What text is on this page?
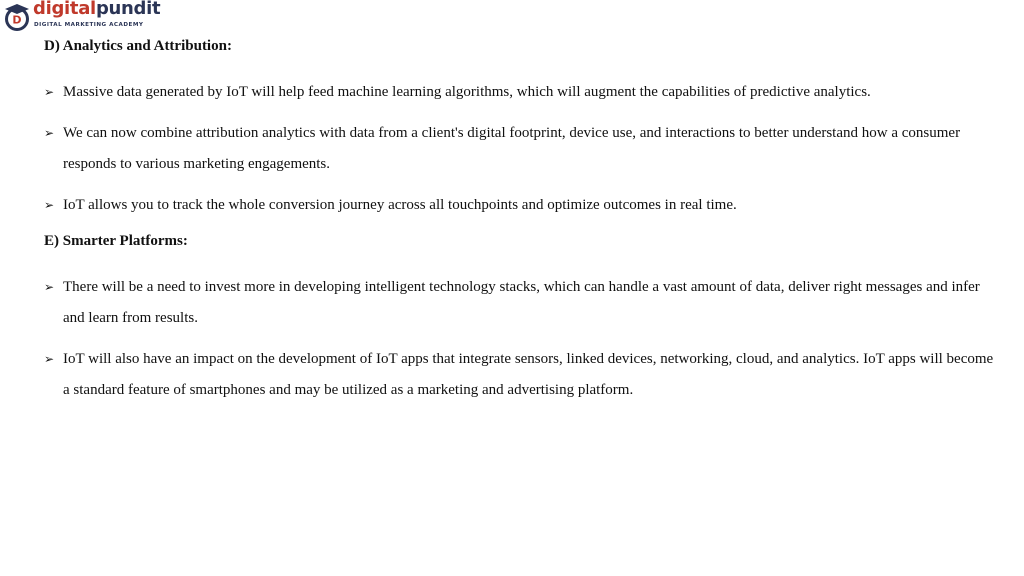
D
digitalpundit
DIGITAL MARKETING ACADEMY
D) Analytics and Attribution:
➢ Massive data generated by IoT will help feed machine learning algorithms, which will augment the capabilities of predictive analytics.
➢ We can now combine attribution analytics with data from a client's digital footprint, device use, and interactions to better understand how a consumer responds to various marketing engagements.
➢ IoT allows you to track the whole conversion journey across all touchpoints and optimize outcomes in real time.
E) Smarter Platforms:
➢ There will be a need to invest more in developing intelligent technology stacks, which can handle a vast amount of data, deliver right messages and infer and learn from results.
➢ IoT will also have an impact on the development of IoT apps that integrate sensors, linked devices, networking, cloud, and analytics. IoT apps will become a standard feature of smartphones and may be utilized as a marketing and advertising platform.
